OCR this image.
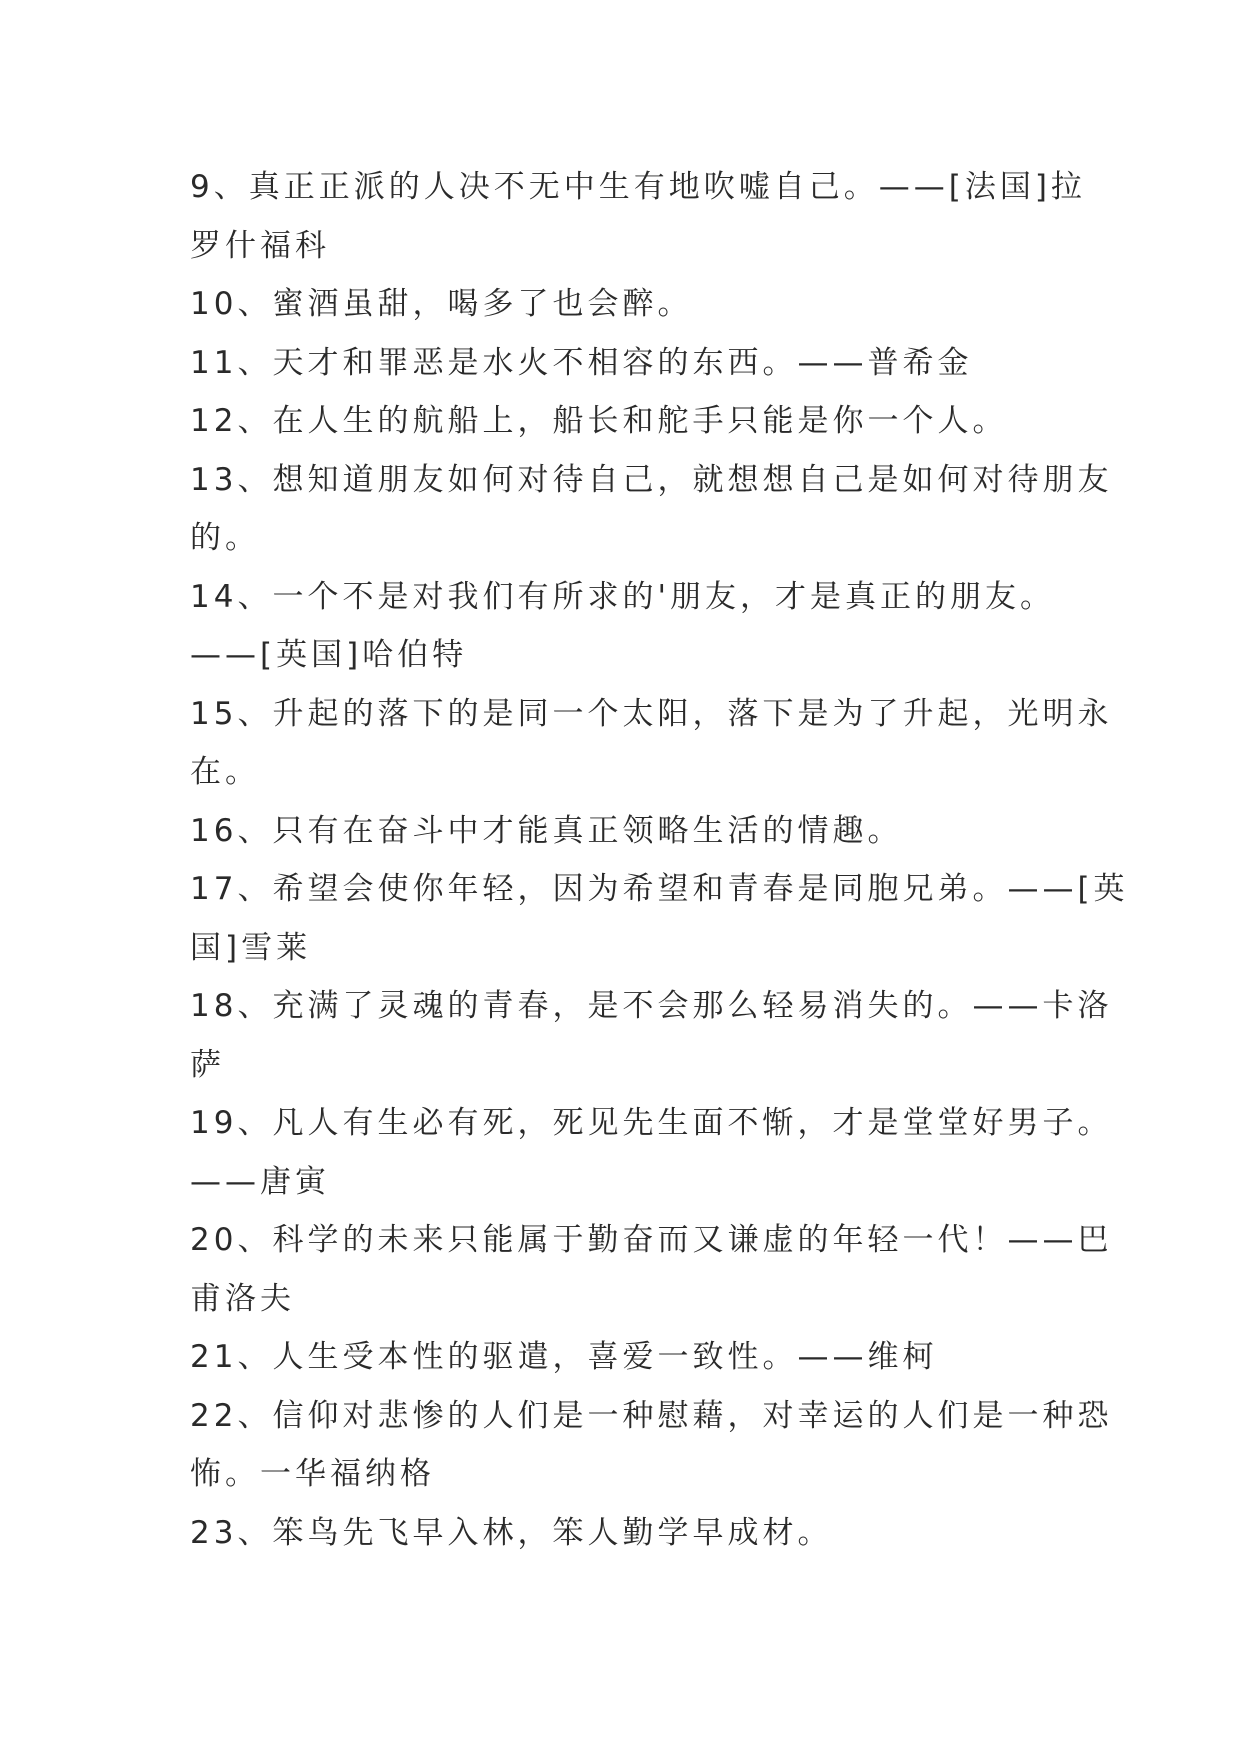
9、真正正派的人决不无中生有地吹嘘自己。——[法国]拉
罗什福科
10、蜜酒虽甜，喝多了也会醉。
11、天才和罪恶是水火不相容的东西。——普希金
12、在人生的航船上，船长和舵手只能是你一个人。
13、想知道朋友如何对待自己，就想想自己是如何对待朋友
的。
14、一个不是对我们有所求的'朋友，才是真正的朋友。
——[英国]哈伯特
15、升起的落下的是同一个太阳，落下是为了升起，光明永
在。
16、只有在奋斗中才能真正领略生活的情趣。
17、希望会使你年轻，因为希望和青春是同胞兄弟。——[英
国]雪莱
18、充满了灵魂的青春，是不会那么轻易消失的。——卡洛
萨
19、凡人有生必有死，死见先生面不惭，才是堂堂好男子。
——唐寅
20、科学的未来只能属于勤奋而又谦虚的年轻一代！——巴
甫洛夫
21、人生受本性的驱遣，喜爱一致性。——维柯
22、信仰对悲惨的人们是一种慰藉，对幸运的人们是一种恐
怖。一华福纳格
23、笨鸟先飞早入林，笨人勤学早成材。
